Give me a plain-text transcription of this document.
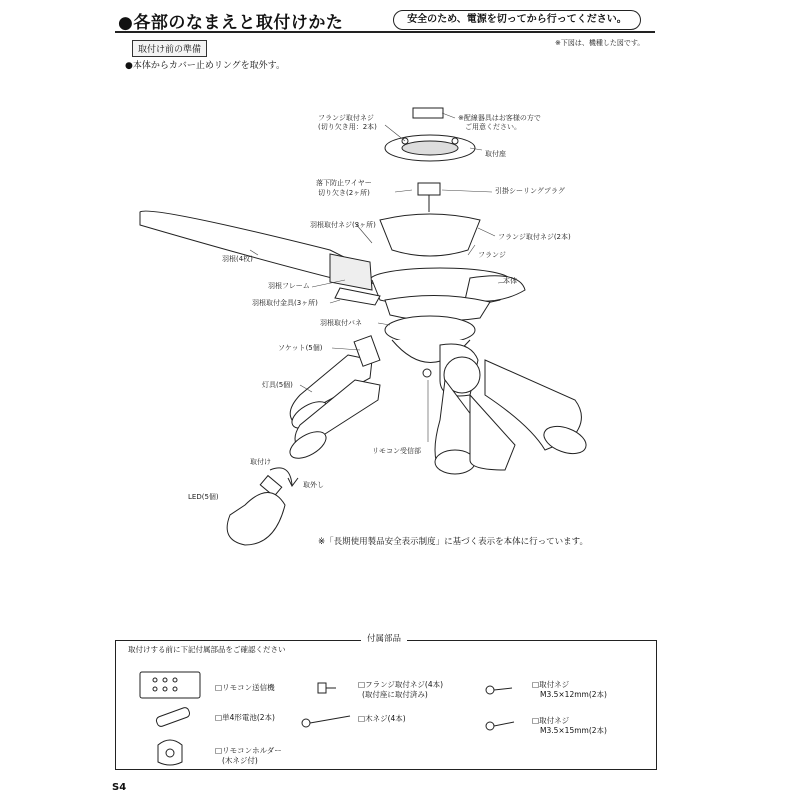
●各部のなまえと取付けかた	安全のため、電源を切ってから行ってください。
※下図は、機種した図です。
取付け前の準備
●本体からカバー止めリングを取外す。
フランジ取付ネジ
(切り欠き用：2本)
※配線器具はお客様の方で
ご用意ください。
取付座
落下防止ワイヤー
切り欠き(2ヶ所)	引掛シーリングプラグ
羽根取付ネジ(3ヶ所)
フランジ取付ネジ(2本)
羽根(4枚)	フランジ
本体
羽根フレーム
羽根取付金具(3ヶ所)
羽根取付バネ
ソケット(5個)
灯具(5個)
リモコン受信部
取付け
取外し
LED(5個)
※「長期使用製品安全表示制度」に基づく表示を本体に行っています。
付属部品
取付けする前に下記付属部品をご確認ください
□リモコン送信機
□単4形電池(2本)
□リモコンホルダー
(木ネジ付)
□フランジ取付ネジ(4本)
(取付座に取付済み)
□木ネジ(4本)
□取付ネジ
M3.5×12mm(2本)
□取付ネジ
M3.5×15mm(2本)
S4
